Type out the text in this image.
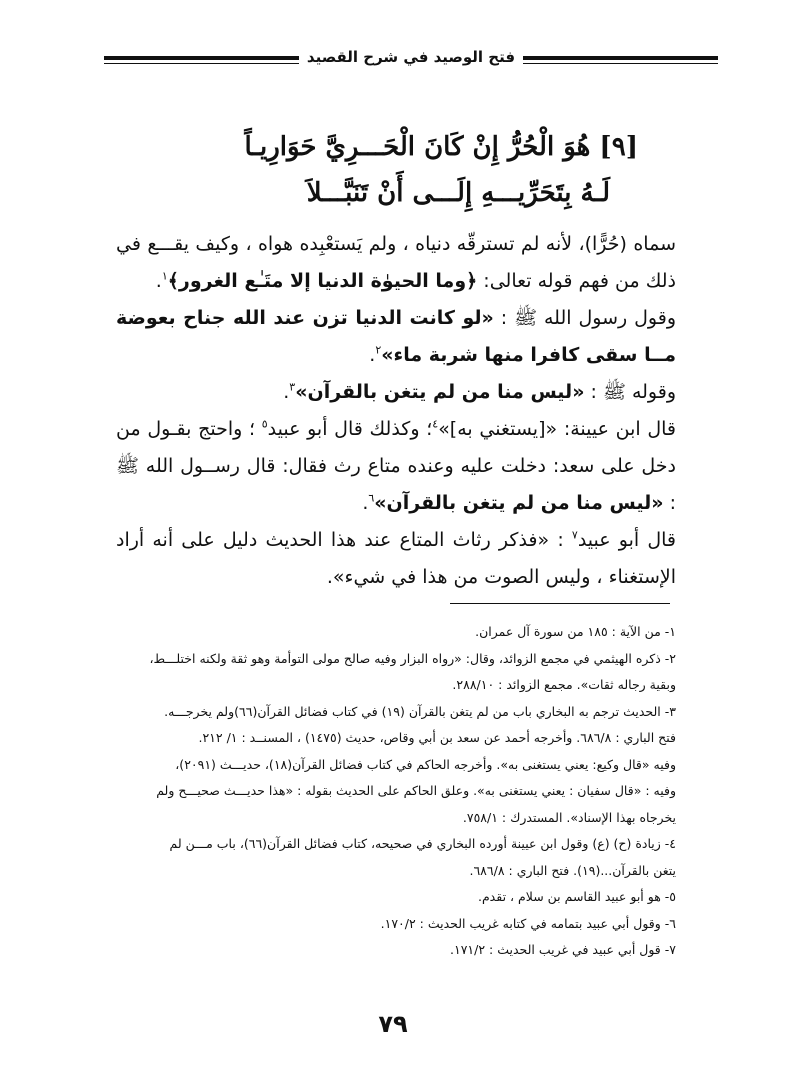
فتح الوصيد في شرح القصيد
[٩] هُوَ الْحُرُّ إِنْ كَانَ الْحَـــرِيَّ حَوَارِيـاً
لَـهُ بِتَحَرِّيـــهِ إِلَـــى أَنْ تَنَبَّـــلاَ

سماه (حُرًّا)، لأنه لم تسترقّه دنياه ، ولم يَستعْبِده هواه ، وكيف يقـــع في ذلك من فهم قوله تعالى: ﴿وما الحيوٰة الدنيا إلا متَـٰع الغرور﴾$^١$.

وقول رسول الله ﷺ : «لو كانت الدنيا تزن عند الله جناح بعوضة مــا سقى كافرا منها شربة ماء»$^٢$.

وقوله ﷺ : «ليس منا من لم يتغن بالقرآن»$^٣$.

قال ابن عيينة: «[يستغني به]»$^٤$؛ وكذلك قال أبو عبيد$^٥$ ؛ واحتج بقـول من دخل على سعد: دخلت عليه وعنده متاع رث فقال: قال رســول الله ﷺ : «ليس منا من لم يتغن بالقرآن»$^٦$.

قال أبو عبيد$^٧$ : «فذكر رثاث المتاع عند هذا الحديث دليل على أنه أراد الإستغناء ، وليس الصوت من هذا في شيء».

١- من الآية : ١٨٥ من سورة آل عمران.
٢- ذكره الهيثمي في مجمع الزوائد، وقال: «رواه البزار وفيه صالح مولى التوأمة وهو ثقة ولكنه اختلـــط،
وبقية رجاله ثقات». مجمع الزوائد : ٢٨٨/١٠.
٣- الحديث ترجم به البخاري باب من لم يتغن بالقرآن (١٩) في كتاب فضائل القرآن(٦٦)ولم يخرجـــه.
فتح الباري : ٦٨٦/٨. وأخرجه أحمد عن سعد بن أبي وقاص، حديث (١٤٧٥) ، المسنــد : ١/ ٢١٢.
وفيه «قال وكيع: يعني يستغنى به». وأخرجه الحاكم في كتاب فضائل القرآن(١٨)، حديـــث (٢٠٩١)،
وفيه : «قال سفيان : يعني يستغنى به». وعلق الحاكم على الحديث بقوله : «هذا حديـــث صحيـــح ولم
يخرجاه بهذا الإسناد». المستدرك : ٧٥٨/١.
٤- زيادة (ح) (ع) وقول ابن عيينة أورده البخاري في صحيحه، كتاب فضائل القرآن(٦٦)، باب مـــن لم
يتغن بالقرآن...(١٩). فتح الباري : ٦٨٦/٨.
٥- هو أبو عبيد القاسم بن سلام ، تقدم.
٦- وقول أبي عبيد بتمامه في كتابه غريب الحديث : ١٧٠/٢.
٧- قول أبي عبيد في غريب الحديث : ١٧١/٢.
٧٩
